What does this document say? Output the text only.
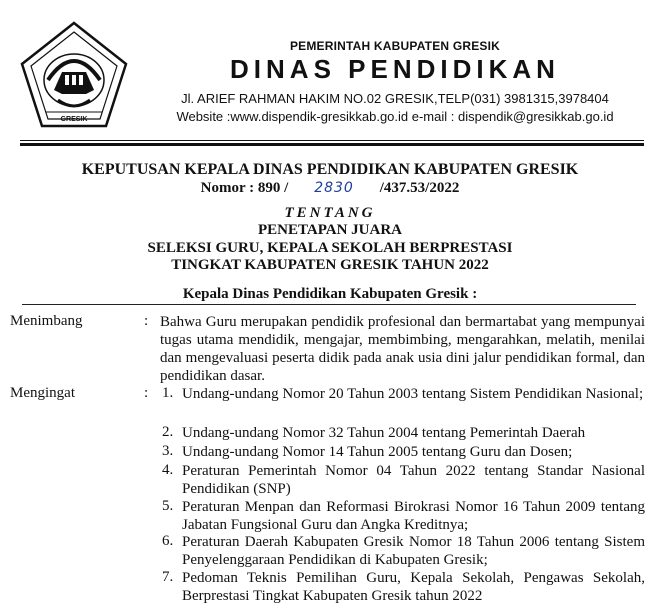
GRESIK
PEMERINTAH KABUPATEN GRESIK
DINAS PENDIDIKAN
Jl. ARIEF RAHMAN HAKIM NO.02 GRESIK,TELP(031) 3981315,3978404
Website :www.dispendik-gresikkab.go.id e-mail : dispendik@gresikkab.go.id
KEPUTUSAN KEPALA DINAS PENDIDIKAN KABUPATEN GRESIK
Nomor : 890 / 2830 /437.53/2022
TENTANG
PENETAPAN JUARA
SELEKSI GURU, KEPALA SEKOLAH BERPRESTASI
TINGKAT KABUPATEN GRESIK TAHUN 2022
Kepala Dinas Pendidikan Kabupaten Gresik :
Menimbang	: Bahwa Guru merupakan pendidik profesional dan bermartabat yang mempunyai tugas utama mendidik, mengajar, membimbing, mengarahkan, melatih, menilai dan mengevaluasi peserta didik pada anak usia dini jalur pendidikan formal, dan pendidikan dasar.
Mengingat	: 1. Undang-undang Nomor 20 Tahun 2003 tentang Sistem Pendidikan Nasional;
2. Undang-undang Nomor 32 Tahun 2004 tentang Pemerintah Daerah
3. Undang-undang Nomor 14 Tahun 2005 tentang Guru dan Dosen;
4. Peraturan Pemerintah Nomor 04 Tahun 2022 tentang Standar Nasional Pendidikan (SNP)
5. Peraturan Menpan dan Reformasi Birokrasi Nomor 16 Tahun 2009 tentang Jabatan Fungsional Guru dan Angka Kreditnya;
6. Peraturan Daerah Kabupaten Gresik Nomor 18 Tahun 2006 tentang Sistem Penyelenggaraan Pendidikan di Kabupaten Gresik;
7. Pedoman Teknis Pemilihan Guru, Kepala Sekolah, Pengawas Sekolah, Berprestasi Tingkat Kabupaten Gresik tahun 2022
